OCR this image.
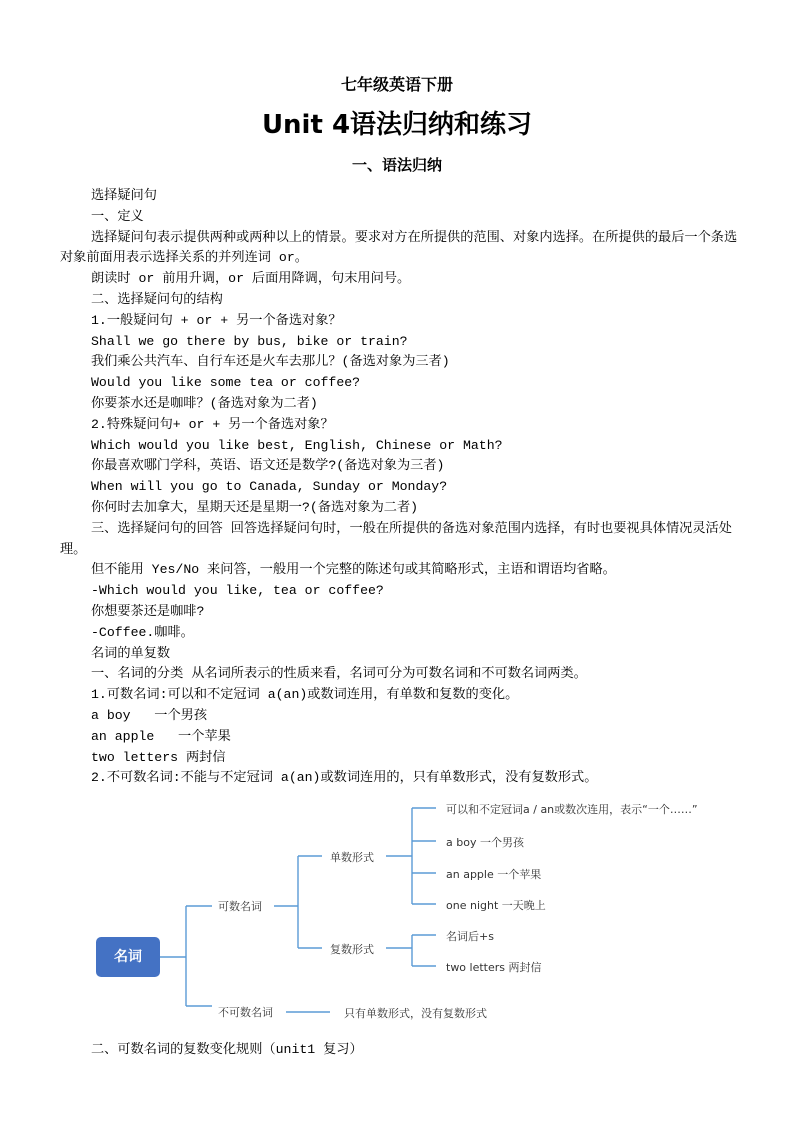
七年级英语下册
Unit 4语法归纳和练习
一、语法归纳

选择疑问句

一、定义

选择疑问句表示提供两种或两种以上的情景。要求对方在所提供的范围、对象内选择。在所提供的最后一个条选对象前面用表示选择关系的并列连词 or。

朗读时 or 前用升调，or 后面用降调，句末用问号。

二、选择疑问句的结构

1.一般疑问句 + or + 另一个备选对象？

Shall we go there by bus, bike or train?

我们乘公共汽车、自行车还是火车去那儿？(备选对象为三者)

Would you like some tea or coffee?

你要茶水还是咖啡？(备选对象为二者)

2.特殊疑问句+ or + 另一个备选对象？

Which would you like best, English, Chinese or Math?

你最喜欢哪门学科，英语、语文还是数学?(备选对象为三者)

When will you go to Canada, Sunday or Monday?

你何时去加拿大，星期天还是星期一?(备选对象为二者)

三、选择疑问句的回答 回答选择疑问句时，一般在所提供的备选对象范围内选择，有时也要视具体情况灵活处理。

但不能用 Yes/No 来问答，一般用一个完整的陈述句或其简略形式，主语和谓语均省略。

-Which would you like, tea or coffee?

你想要茶还是咖啡?

-Coffee.咖啡。

名词的单复数

一、名词的分类 从名词所表示的性质来看，名词可分为可数名词和不可数名词两类。

1.可数名词:可以和不定冠词 a(an)或数词连用，有单数和复数的变化。

a boy   一个男孩

an apple   一个苹果

two letters 两封信

2.不可数名词:不能与不定冠词 a(an)或数词连用的，只有单数形式，没有复数形式。

名词
可数名词
不可数名词
单数形式
复数形式
可以和不定冠词a / an或数次连用，表示“一个……”
a boy 一个男孩
an apple 一个苹果
one night 一天晚上
名词后+s
two letters 两封信
只有单数形式，没有复数形式

二、可数名词的复数变化规则（unit1 复习）
